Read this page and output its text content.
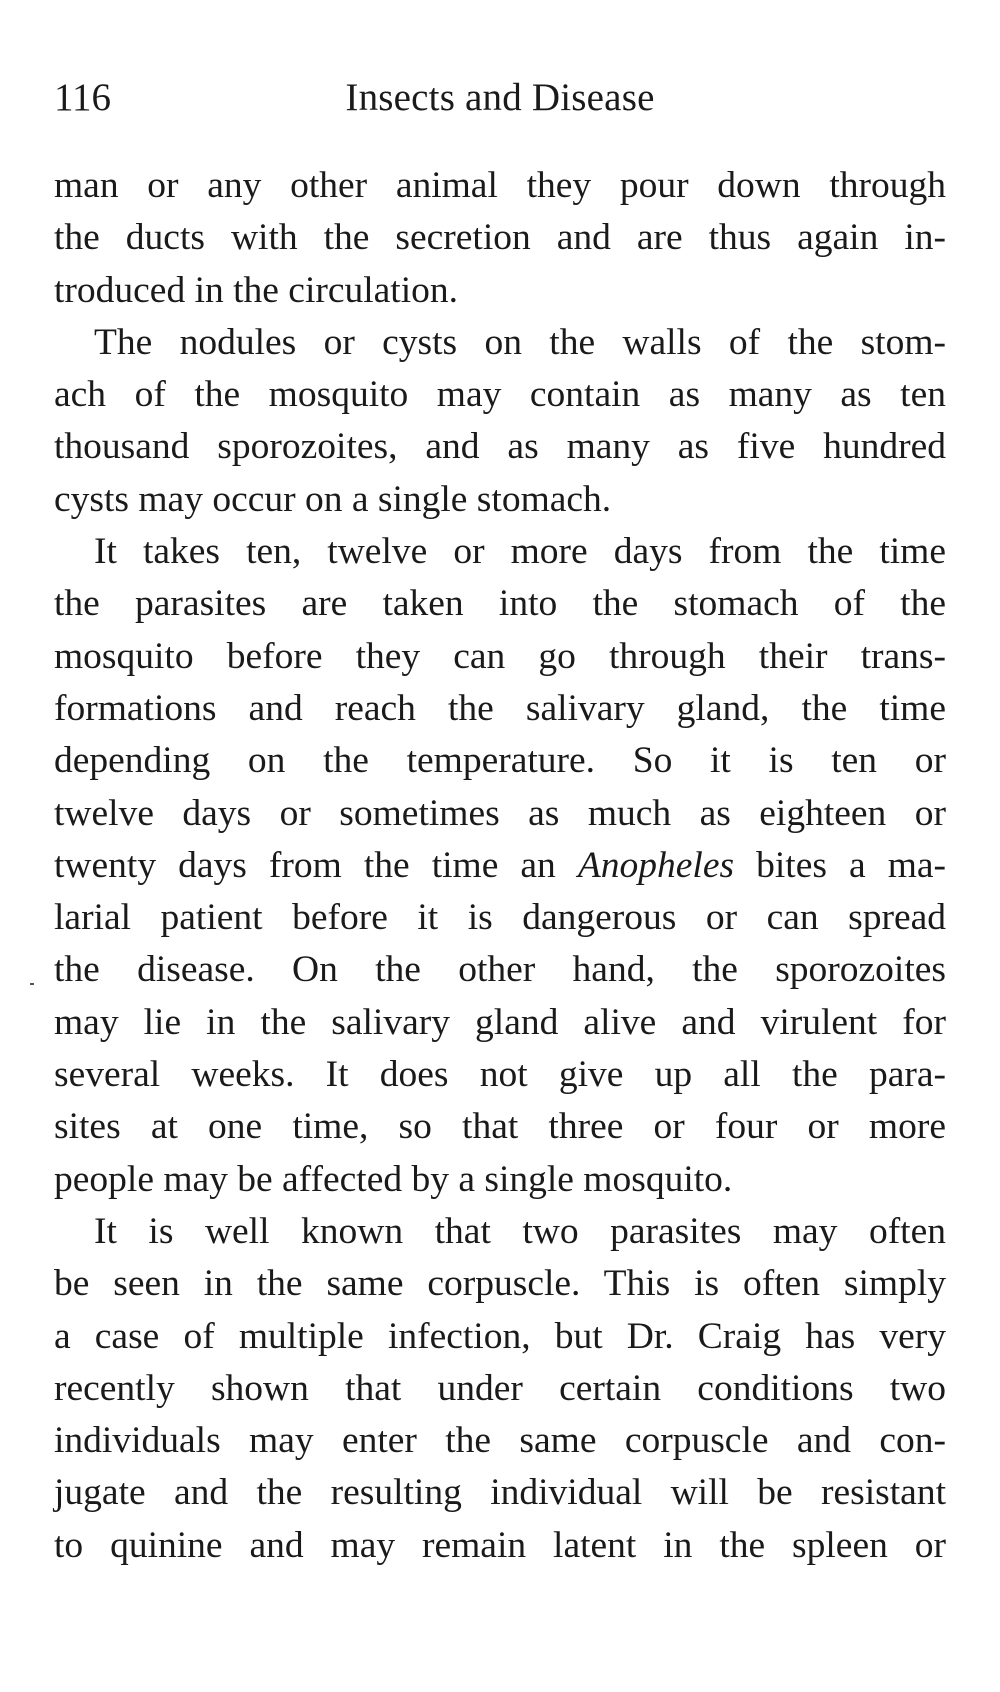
116	Insects and Disease
man or any other animal they pour down through
the ducts with the secretion and are thus again in-
troduced in the circulation.
The nodules or cysts on the walls of the stom-
ach of the mosquito may contain as many as ten
thousand sporozoites, and as many as five hundred
cysts may occur on a single stomach.
It takes ten, twelve or more days from the time
the parasites are taken into the stomach of the
mosquito before they can go through their trans-
formations and reach the salivary gland, the time
depending on the temperature. So it is ten or
twelve days or sometimes as much as eighteen or
twenty days from the time an Anopheles bites a ma-
larial patient before it is dangerous or can spread
the disease. On the other hand, the sporozoites
may lie in the salivary gland alive and virulent for
several weeks. It does not give up all the para-
sites at one time, so that three or four or more
people may be affected by a single mosquito.
It is well known that two parasites may often
be seen in the same corpuscle. This is often simply
a case of multiple infection, but Dr. Craig has very
recently shown that under certain conditions two
individuals may enter the same corpuscle and con-
jugate and the resulting individual will be resistant
to quinine and may remain latent in the spleen or
